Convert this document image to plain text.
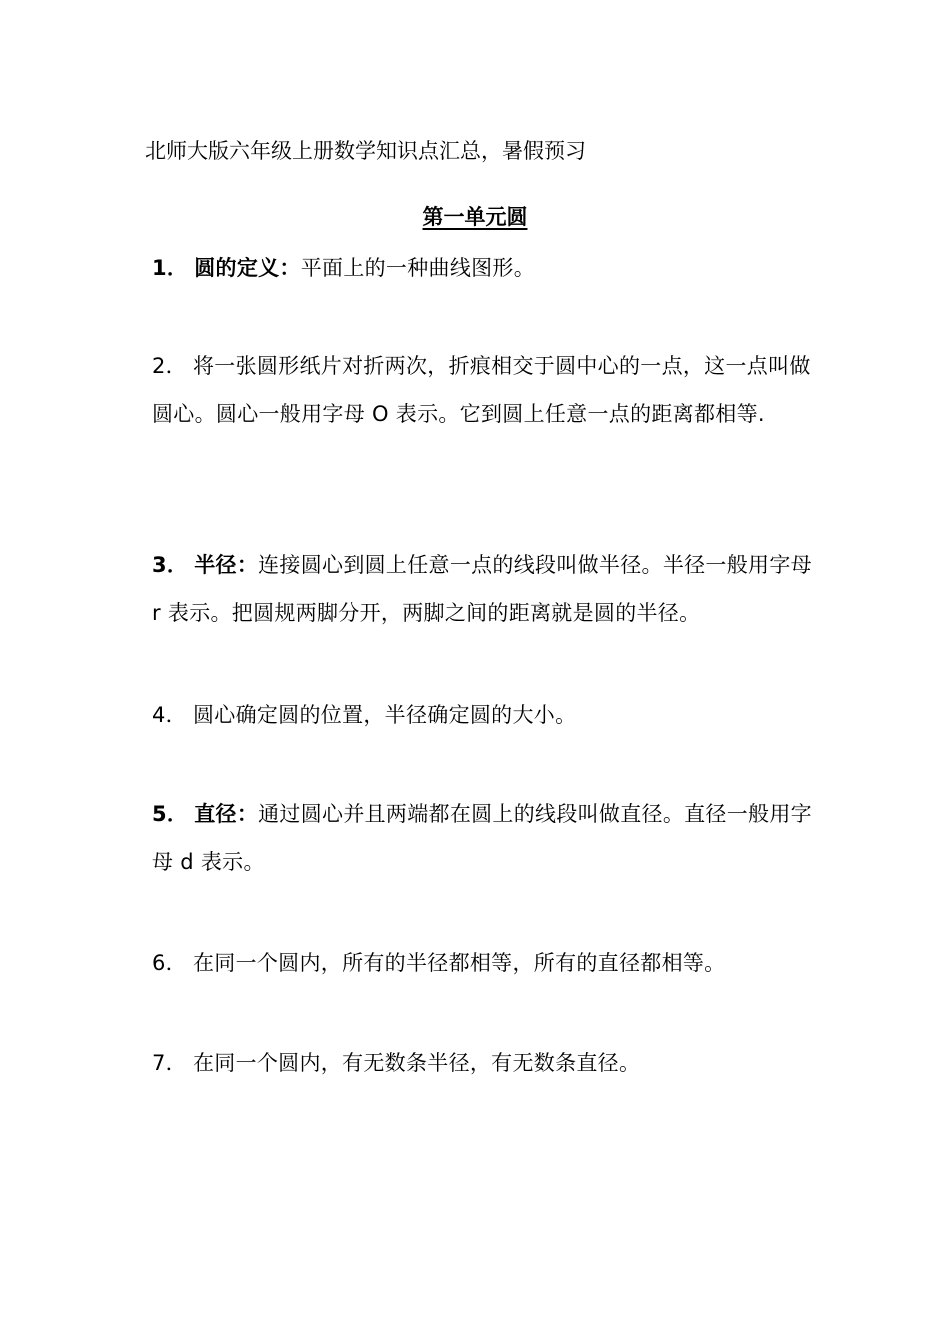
北师大版六年级上册数学知识点汇总，暑假预习
第一单元圆
1． 圆的定义：平面上的一种曲线图形。
2． 将一张圆形纸片对折两次，折痕相交于圆中心的一点，这一点叫做圆心。圆心一般用字母 O 表示。它到圆上任意一点的距离都相等.
3． 半径：连接圆心到圆上任意一点的线段叫做半径。半径一般用字母 r 表示。把圆规两脚分开，两脚之间的距离就是圆的半径。
4． 圆心确定圆的位置，半径确定圆的大小。
5． 直径：通过圆心并且两端都在圆上的线段叫做直径。直径一般用字母 d 表示。
6． 在同一个圆内，所有的半径都相等，所有的直径都相等。
7． 在同一个圆内，有无数条半径，有无数条直径。
